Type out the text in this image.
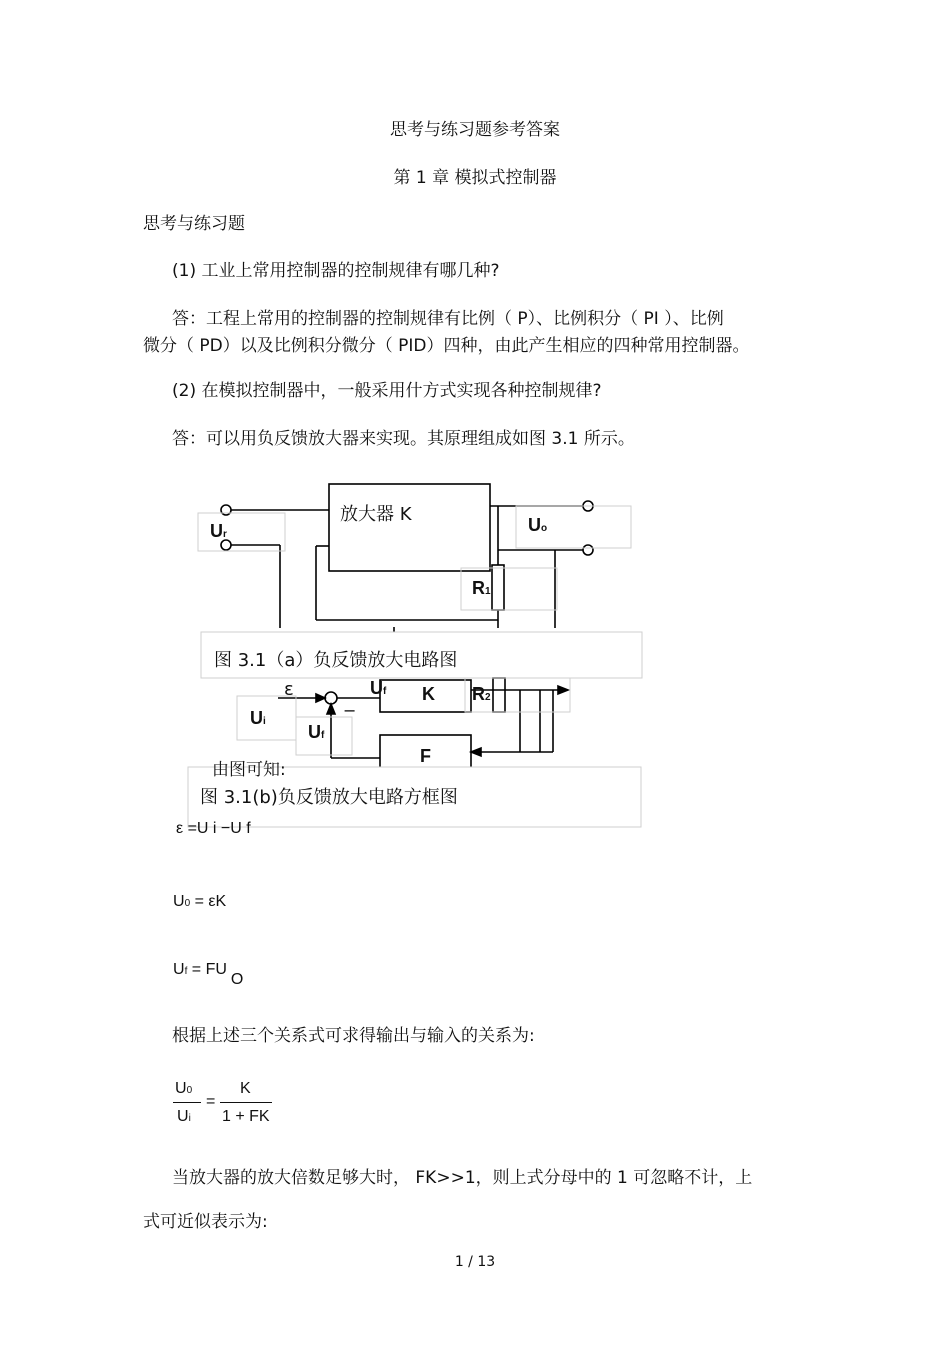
思考与练习题参考答案
第 1 章 模拟式控制器
思考与练习题
(1) 工业上常用控制器的控制规律有哪几种?
答：工程上常用的控制器的控制规律有比例（ P）、比例积分（ PI ）、比例
微分（ PD）以及比例积分微分（ PID）四种，由此产生相应的四种常用控制器。
(2) 在模拟控制器中，一般采用什方式实现各种控制规律?
答：可以用负反馈放大器来实现。其原理组成如图 3.1 所示。
放大器 K
Ur	Uo
R1
图 3.1（a）负反馈放大电路图
ε	Uf K R2
−
Ui
Uf
F
由图可知:
图 3.1(b)负反馈放大电路方框图
ε =U i −U f
U0 = εK
Uf = FUO
根据上述三个关系式可求得输出与输入的关系为:
U0
Ui
=
K
1 + FK
当放大器的放大倍数足够大时， FK>>1，则上式分母中的 1 可忽略不计，上
式可近似表示为:
1 / 13
